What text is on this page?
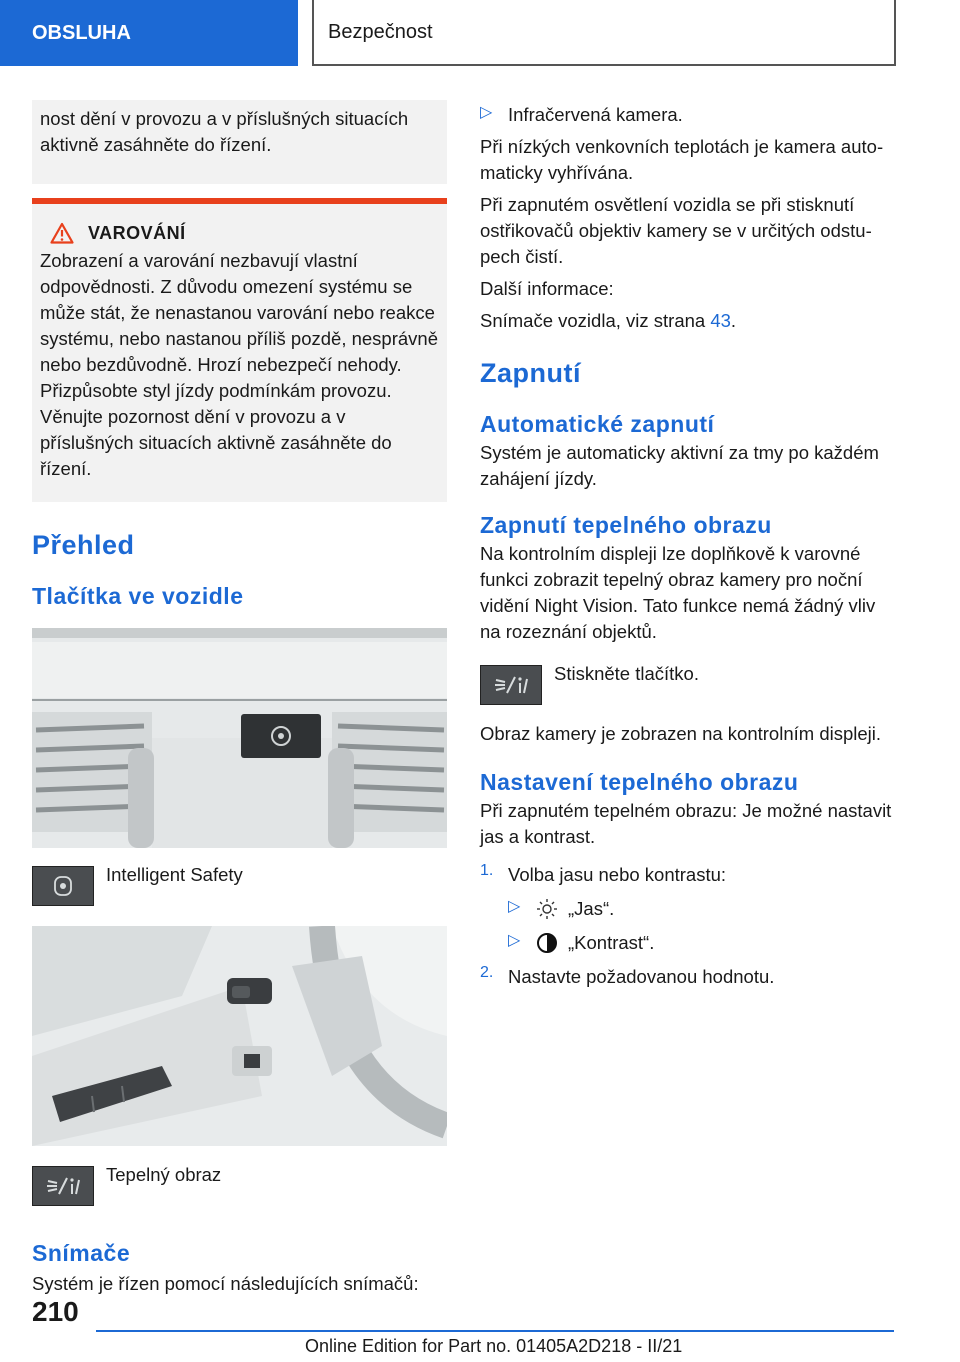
OBSLUHA	Bezpečnost

nost dění v provozu a v příslušných situacích aktivně zasáhněte do řízení.

VAROVÁNÍ

Zobrazení a varování nezbavují vlastní odpovědnosti. Z důvodu omezení systému se může stát, že nenastanou varování nebo reakce systému, nebo nastanou příliš pozdě, nesprávně nebo bezdůvodně. Hrozí nebezpečí nehody. Přizpůsobte styl jízdy podmínkám provozu. Věnujte pozornost dění v provozu a v příslušných situacích aktivně zasáhněte do řízení.

Přehled
Tlačítka ve vozidle

Intelligent Safety

Tepelný obraz

Snímače

Systém je řízen pomocí následujících snímačů:

▷ Infračervená kamera.

Při nízkých venkovních teplotách je kamera automaticky vyhřívána.

Při zapnutém osvětlení vozidla se při stisknutí ostřikovačů objektiv kamery se v určitých odstupech čistí.

Další informace:

Snímače vozidla, viz strana 43.

Zapnutí
Automatické zapnutí

Systém je automaticky aktivní za tmy po každém zahájení jízdy.

Zapnutí tepelného obrazu

Na kontrolním displeji lze doplňkově k varovné funkci zobrazit tepelný obraz kamery pro noční vidění Night Vision. Tato funkce nemá žádný vliv na rozeznání objektů.

Stiskněte tlačítko.

Obraz kamery je zobrazen na kontrolním displeji.

Nastavení tepelného obrazu

Při zapnutém tepelném obrazu: Je možné nastavit jas a kontrast.

1. Volba jasu nebo kontrastu:

▷	„Jas“.

▷	„Kontrast“.

2. Nastavte požadovanou hodnotu.

210
Online Edition for Part no. 01405A2D218 - II/21
